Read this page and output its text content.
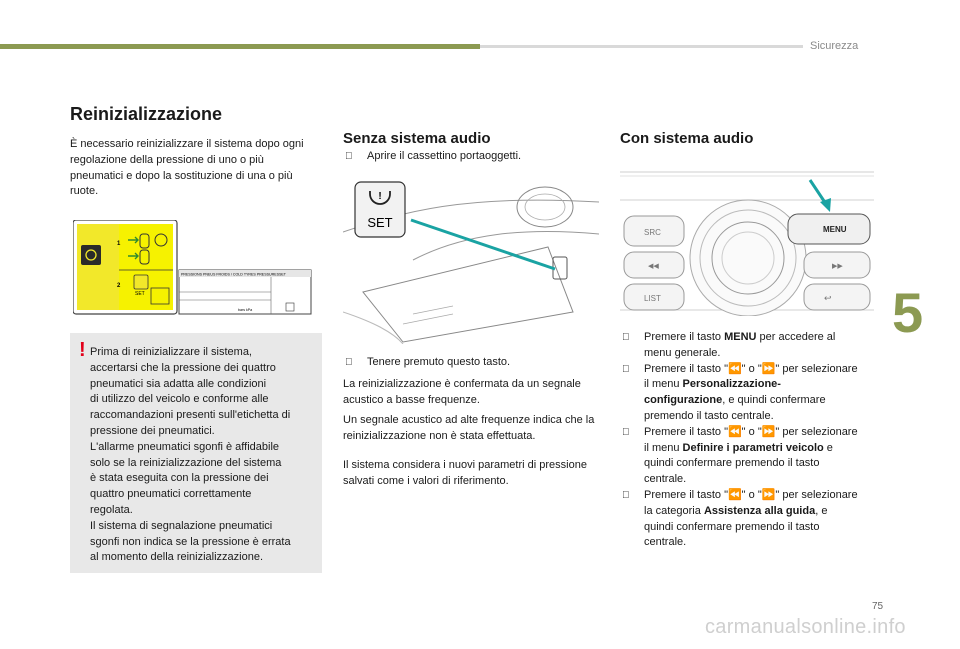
Sicurezza
5
75
carmanualsonline.info
Reinizializzazione

È necessario reinizializzare il sistema dopo ogni regolazione della pressione di uno o più pneumatici e dopo la sostituzione di una o più ruote.

1
2
SET
PRESSIONS PNEUS FROIDS / COLD TYRES PRESSURES SET
bars kPa
! Prima di reinizializzare il sistema,
accertarsi che la pressione dei quattro
pneumatici sia adatta alle condizioni
di utilizzo del veicolo e conforme alle
raccomandazioni presenti sull'etichetta di
pressione dei pneumatici.
L'allarme pneumatici sgonfi è affidabile
solo se la reinizializzazione del sistema
è stata eseguita con la pressione dei
quattro pneumatici correttamente
regolata.
Il sistema di segnalazione pneumatici
sgonfi non indica se la pressione è errata
al momento della reinizializzazione.
Senza sistema audio
Aprire il cassettino portaoggetti.
!
SET
Tenere premuto questo tasto.

La reinizializzazione è confermata da un segnale acustico a basse frequenze.

Un segnale acustico ad alte frequenze indica che la reinizializzazione non è stata effettuata.

Il sistema considera i nuovi parametri di pressione salvati come i valori di riferimento.

Con sistema audio
SRC
◀◀
LIST
MENU
▶▶
↩
Premere il tasto MENU per accedere al menu generale.
Premere il tasto "⏪" o "⏩" per selezionare il menu Personalizzazione-configurazione, e quindi confermare premendo il tasto centrale.
Premere il tasto "⏪" o "⏩" per selezionare il menu Definire i parametri veicolo e quindi confermare premendo il tasto centrale.
Premere il tasto "⏪" o "⏩" per selezionare la categoria Assistenza alla guida, e quindi confermare premendo il tasto centrale.
